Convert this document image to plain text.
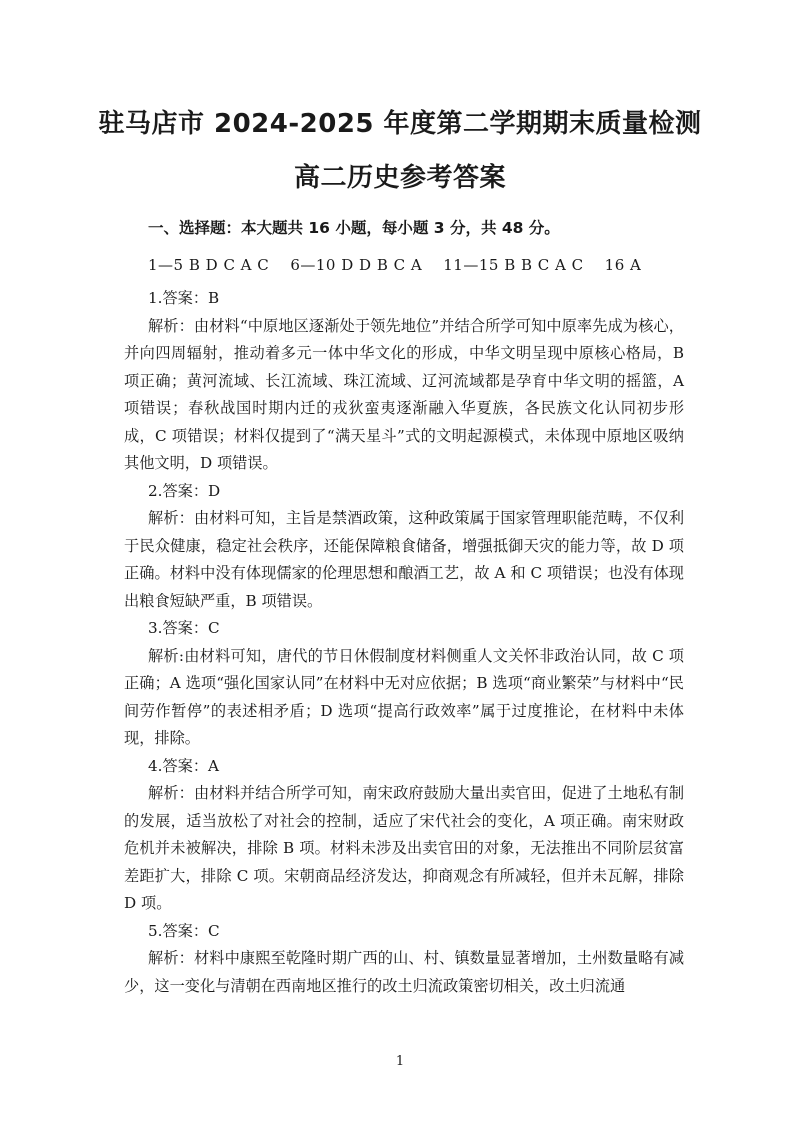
驻马店市 2024-2025 年度第二学期期末质量检测
高二历史参考答案
一、选择题：本大题共 16 小题，每小题 3 分，共 48 分。
1—5 B D C A C    6—10 D D B C A    11—15 B B C A C    16 A
1.答案：B

解析：由材料“中原地区逐渐处于领先地位”并结合所学可知中原率先成为核心，并向四周辐射，推动着多元一体中华文化的形成，中华文明呈现中原核心格局，B 项正确；黄河流域、长江流域、珠江流域、辽河流域都是孕育中华文明的摇篮，A 项错误；春秋战国时期内迁的戎狄蛮夷逐渐融入华夏族，各民族文化认同初步形成，C 项错误；材料仅提到了“满天星斗”式的文明起源模式，未体现中原地区吸纳其他文明，D 项错误。

2.答案：D

解析：由材料可知，主旨是禁酒政策，这种政策属于国家管理职能范畴，不仅利于民众健康，稳定社会秩序，还能保障粮食储备，增强抵御天灾的能力等，故 D 项正确。材料中没有体现儒家的伦理思想和酿酒工艺，故 A 和 C 项错误；也没有体现出粮食短缺严重，B 项错误。

3.答案：C

解析:由材料可知，唐代的节日休假制度材料侧重人文关怀非政治认同，故 C 项正确；A 选项“强化国家认同”在材料中无对应依据；B 选项“商业繁荣”与材料中“民间劳作暂停”的表述相矛盾；D 选项“提高行政效率”属于过度推论，在材料中未体现，排除。

4.答案：A

解析：由材料并结合所学可知，南宋政府鼓励大量出卖官田，促进了土地私有制的发展，适当放松了对社会的控制，适应了宋代社会的变化，A 项正确。南宋财政危机并未被解决，排除 B 项。材料未涉及出卖官田的对象，无法推出不同阶层贫富差距扩大，排除 C 项。宋朝商品经济发达，抑商观念有所减轻，但并未瓦解，排除 D 项。

5.答案：C

解析：材料中康熙至乾隆时期广西的山、村、镇数量显著增加，土州数量略有减少，这一变化与清朝在西南地区推行的改土归流政策密切相关，改土归流通

1
